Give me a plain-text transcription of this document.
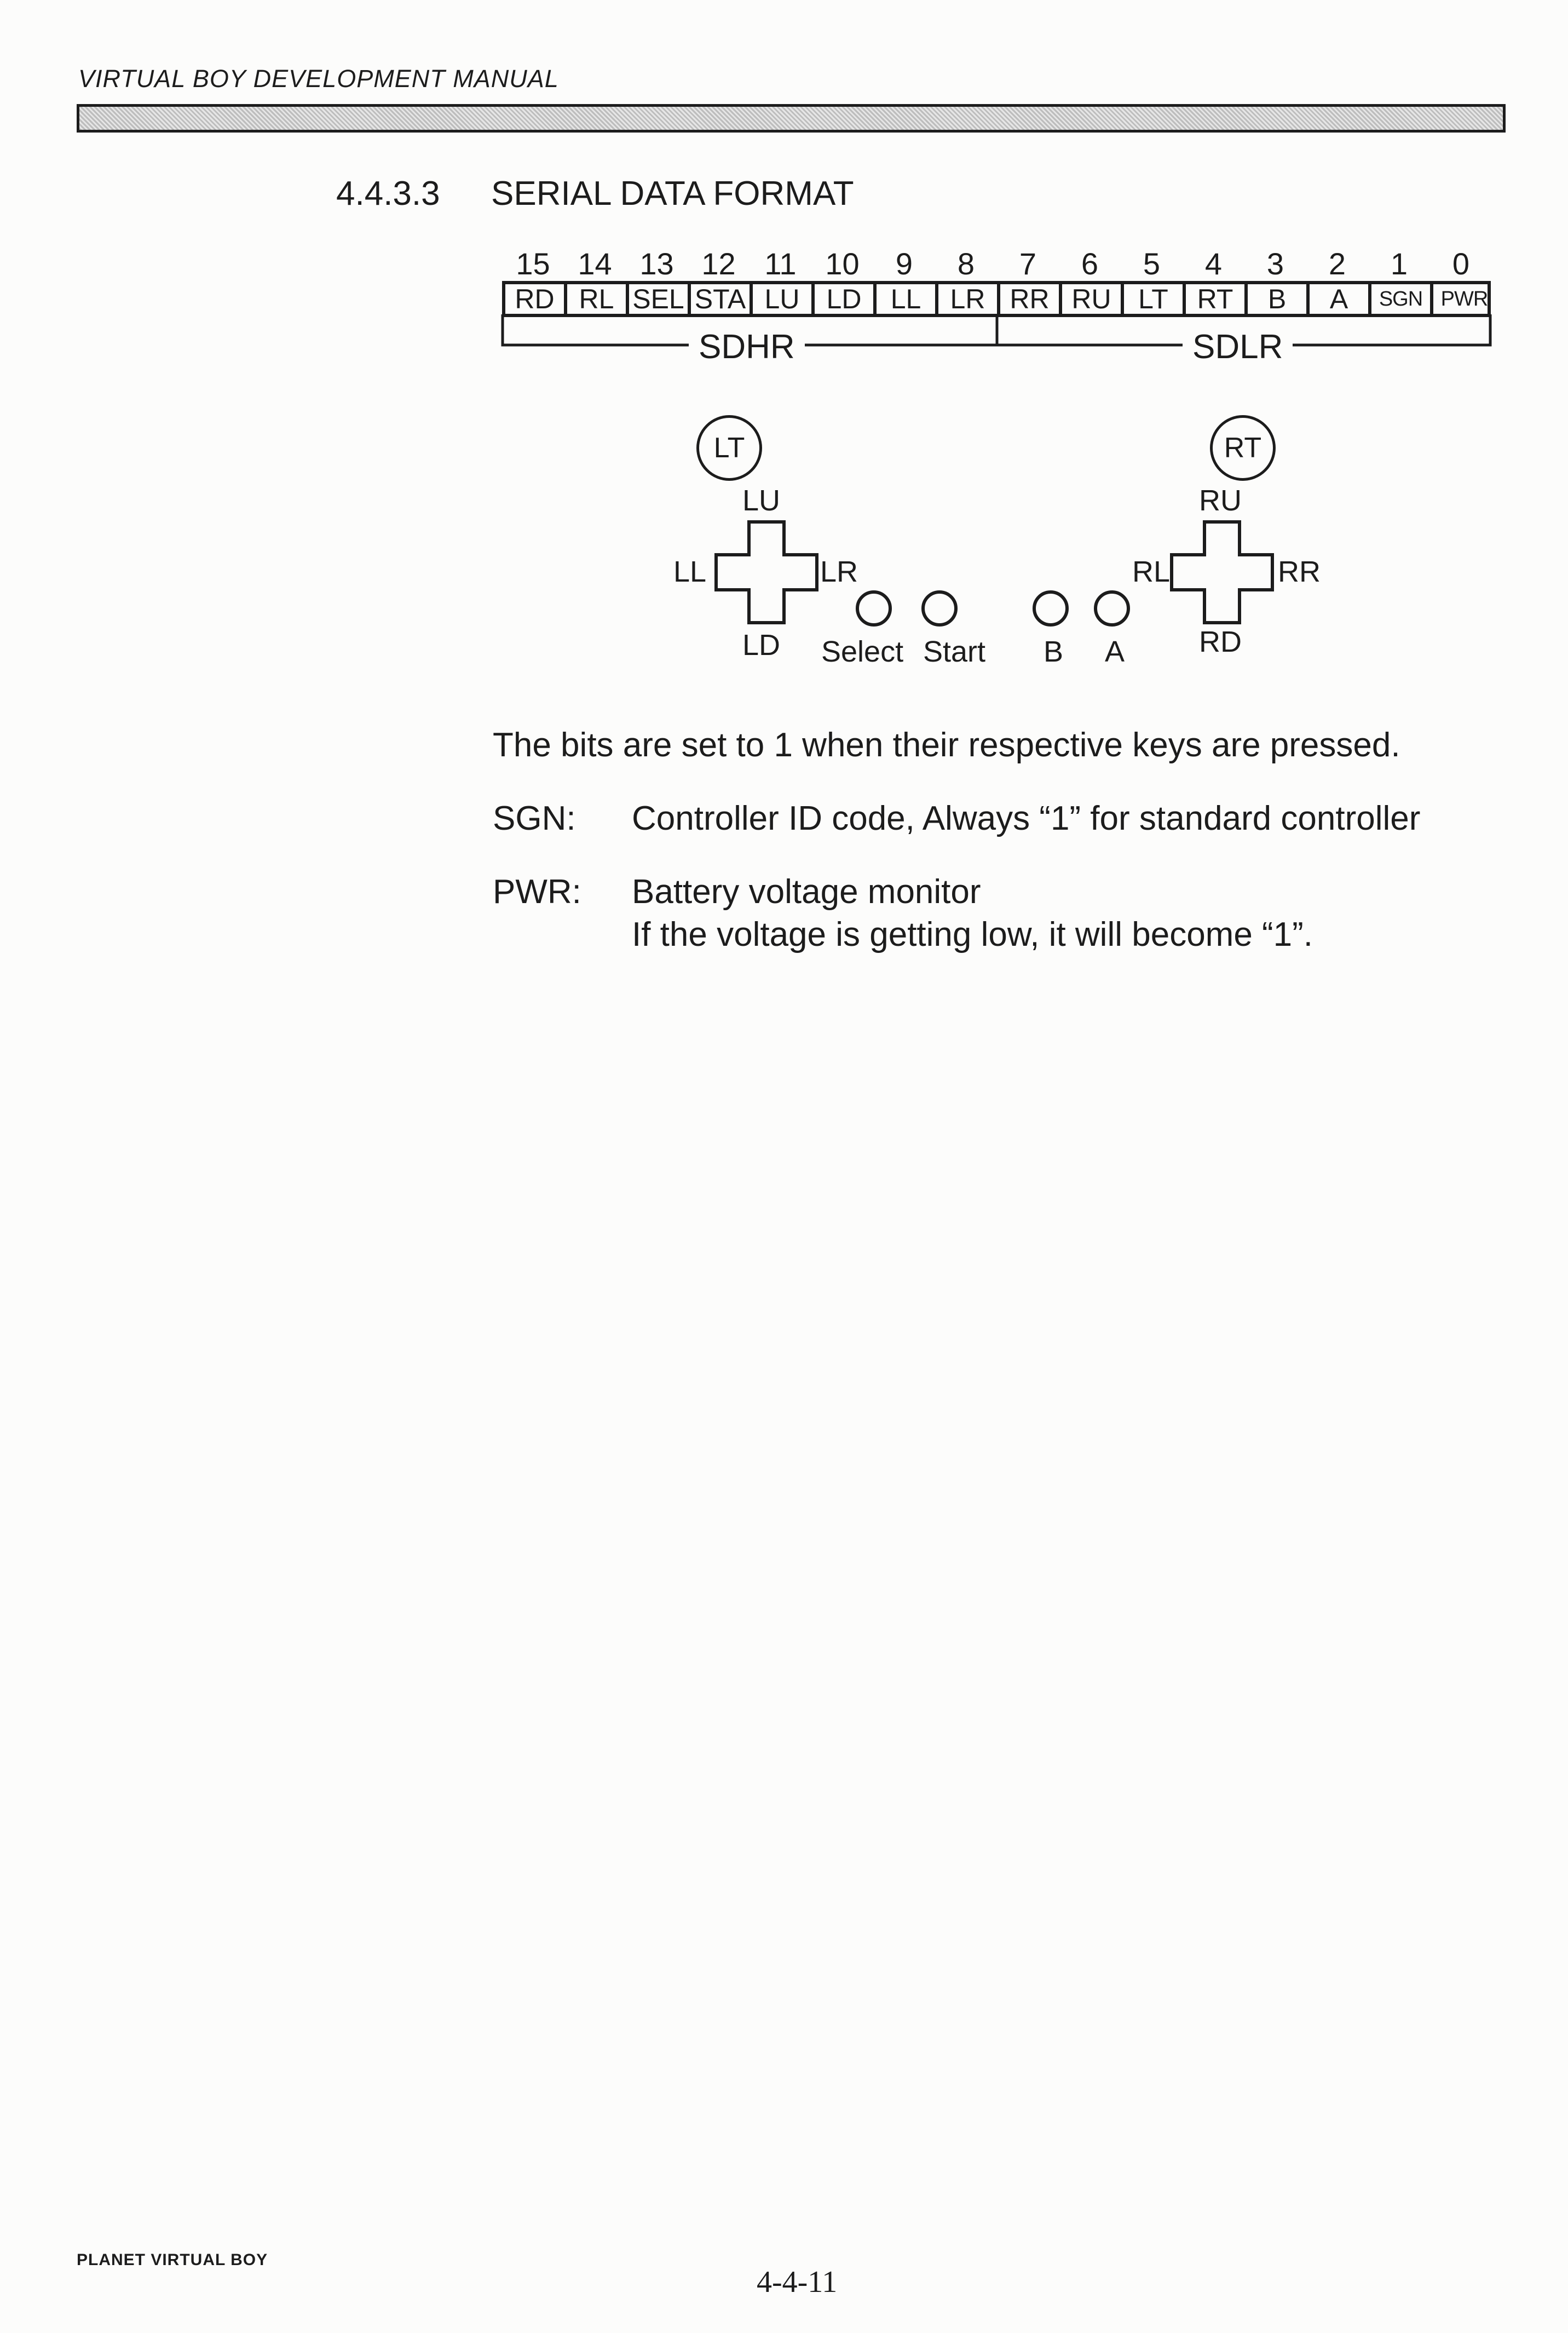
VIRTUAL BOY DEVELOPMENT MANUAL
4.4.3.3 SERIAL DATA FORMAT
15 14 13 12 11 10	9	8	7	6	5	4	3	2	1	0
RD RL SEL STA LU LD	LL	LR RR RU LT	RT	B	A	SGN PWR
SDHR	SDLR
LT	RT
LU
LD
LL	LR
RU
RD
RL	RR
Select Start B A
The bits are set to 1 when their respective keys are pressed.
SGN: Controller ID code, Always “1” for standard controller
PWR: Battery voltage monitor
If the voltage is getting low, it will become “1”.
PLANET VIRTUAL BOY
4-4-11
